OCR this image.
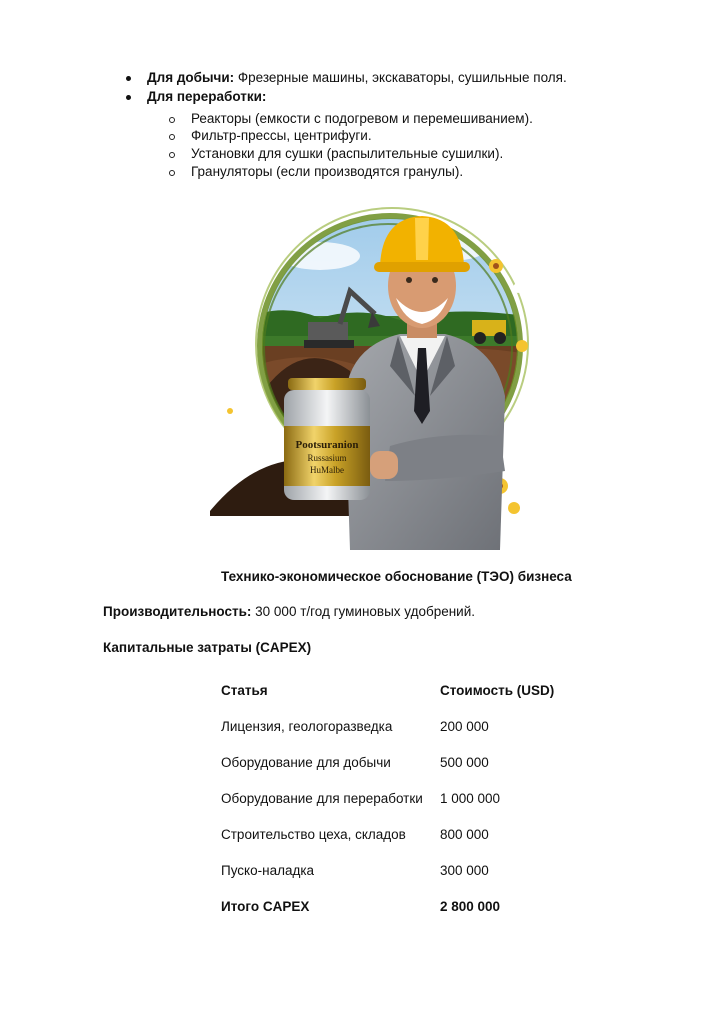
Для добычи: Фрезерные машины, экскаваторы, сушильные поля.
Для переработки:
Реакторы (емкости с подогревом и перемешиванием).
Фильтр-прессы, центрифуги.
Установки для сушки (распылительные сушилки).
Грануляторы (если производятся гранулы).
Pootsuranion
Russasium
HuMalbe
Технико-экономическое обоснование (ТЭО) бизнеса
Производительность: 30 000 т/год гуминовых удобрений.
Капитальные затраты (CAPEX)
Статья	Стоимость (USD)
Лицензия, геологоразведка	200 000
Оборудование для добычи	500 000
Оборудование для переработки 1 000 000
Строительство цеха, складов	800 000
Пуско-наладка	300 000
Итого CAPEX	2 800 000
